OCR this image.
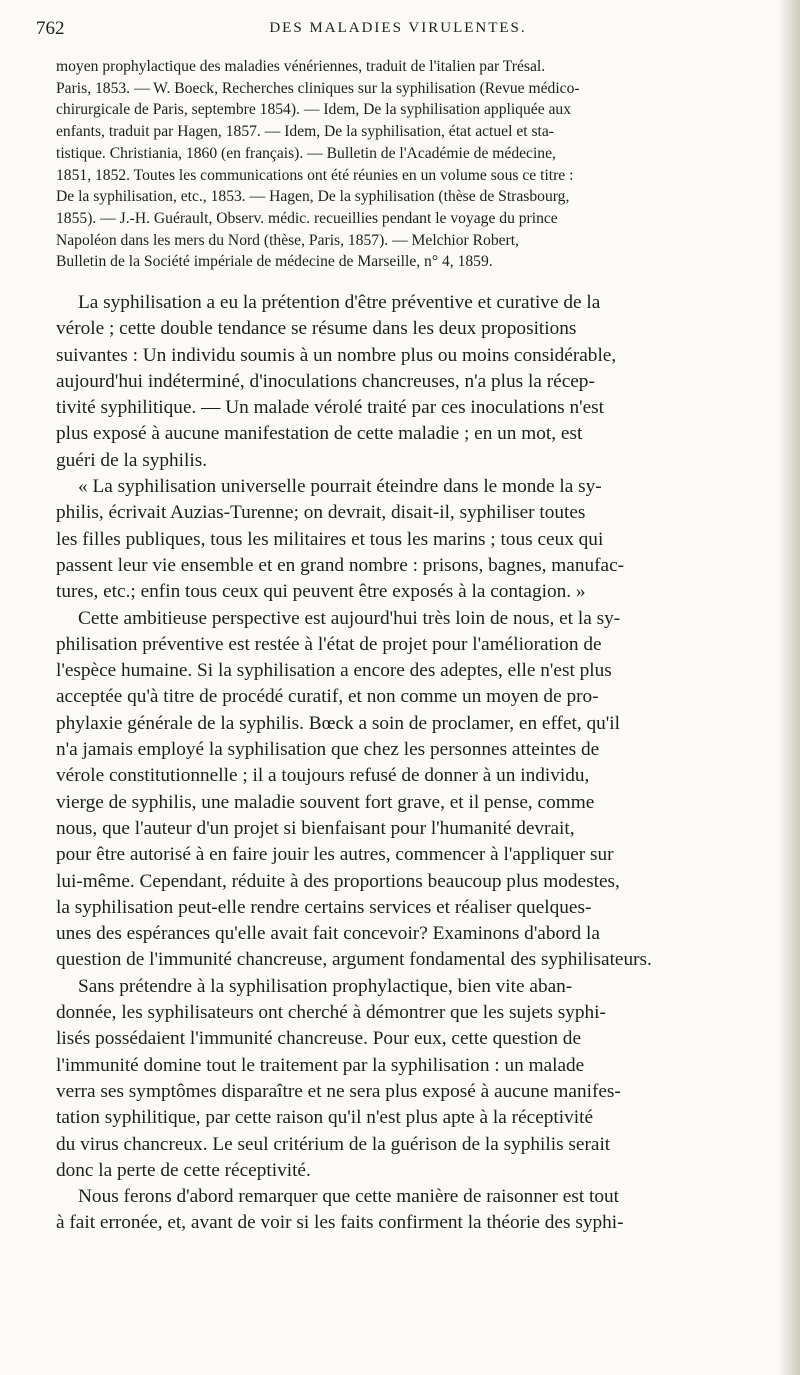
762	DES MALADIES VIRULENTES.
moyen prophylactique des maladies vénériennes, traduit de l'italien par Trésal.
Paris, 1853. — W. Boeck, Recherches cliniques sur la syphilisation (Revue médico-
chirurgicale de Paris, septembre 1854). — Idem, De la syphilisation appliquée aux
enfants, traduit par Hagen, 1857. — Idem, De la syphilisation, état actuel et sta-
tistique. Christiania, 1860 (en français). — Bulletin de l'Académie de médecine,
1851, 1852. Toutes les communications ont été réunies en un volume sous ce titre :
De la syphilisation, etc., 1853. — Hagen, De la syphilisation (thèse de Strasbourg,
1855). — J.-H. Guérault, Observ. médic. recueillies pendant le voyage du prince
Napoléon dans les mers du Nord (thèse, Paris, 1857). — Melchior Robert,
Bulletin de la Société impériale de médecine de Marseille, n° 4, 1859.
La syphilisation a eu la prétention d'être préventive et curative de la
vérole ; cette double tendance se résume dans les deux propositions
suivantes : Un individu soumis à un nombre plus ou moins considérable,
aujourd'hui indéterminé, d'inoculations chancreuses, n'a plus la récep-
tivité syphilitique. — Un malade vérolé traité par ces inoculations n'est
plus exposé à aucune manifestation de cette maladie ; en un mot, est
guéri de la syphilis.
« La syphilisation universelle pourrait éteindre dans le monde la sy-
philis, écrivait Auzias-Turenne; on devrait, disait-il, syphiliser toutes
les filles publiques, tous les militaires et tous les marins ; tous ceux qui
passent leur vie ensemble et en grand nombre : prisons, bagnes, manufac-
tures, etc.; enfin tous ceux qui peuvent être exposés à la contagion. »
Cette ambitieuse perspective est aujourd'hui très loin de nous, et la sy-
philisation préventive est restée à l'état de projet pour l'amélioration de
l'espèce humaine. Si la syphilisation a encore des adeptes, elle n'est plus
acceptée qu'à titre de procédé curatif, et non comme un moyen de pro-
phylaxie générale de la syphilis. Bœck a soin de proclamer, en effet, qu'il
n'a jamais employé la syphilisation que chez les personnes atteintes de
vérole constitutionnelle ; il a toujours refusé de donner à un individu,
vierge de syphilis, une maladie souvent fort grave, et il pense, comme
nous, que l'auteur d'un projet si bienfaisant pour l'humanité devrait,
pour être autorisé à en faire jouir les autres, commencer à l'appliquer sur
lui-même. Cependant, réduite à des proportions beaucoup plus modestes,
la syphilisation peut-elle rendre certains services et réaliser quelques-
unes des espérances qu'elle avait fait concevoir? Examinons d'abord la
question de l'immunité chancreuse, argument fondamental des syphilisateurs.
Sans prétendre à la syphilisation prophylactique, bien vite aban-
donnée, les syphilisateurs ont cherché à démontrer que les sujets syphi-
lisés possédaient l'immunité chancreuse. Pour eux, cette question de
l'immunité domine tout le traitement par la syphilisation : un malade
verra ses symptômes disparaître et ne sera plus exposé à aucune manifes-
tation syphilitique, par cette raison qu'il n'est plus apte à la réceptivité
du virus chancreux. Le seul critérium de la guérison de la syphilis serait
donc la perte de cette réceptivité.
Nous ferons d'abord remarquer que cette manière de raisonner est tout
à fait erronée, et, avant de voir si les faits confirment la théorie des syphi-
